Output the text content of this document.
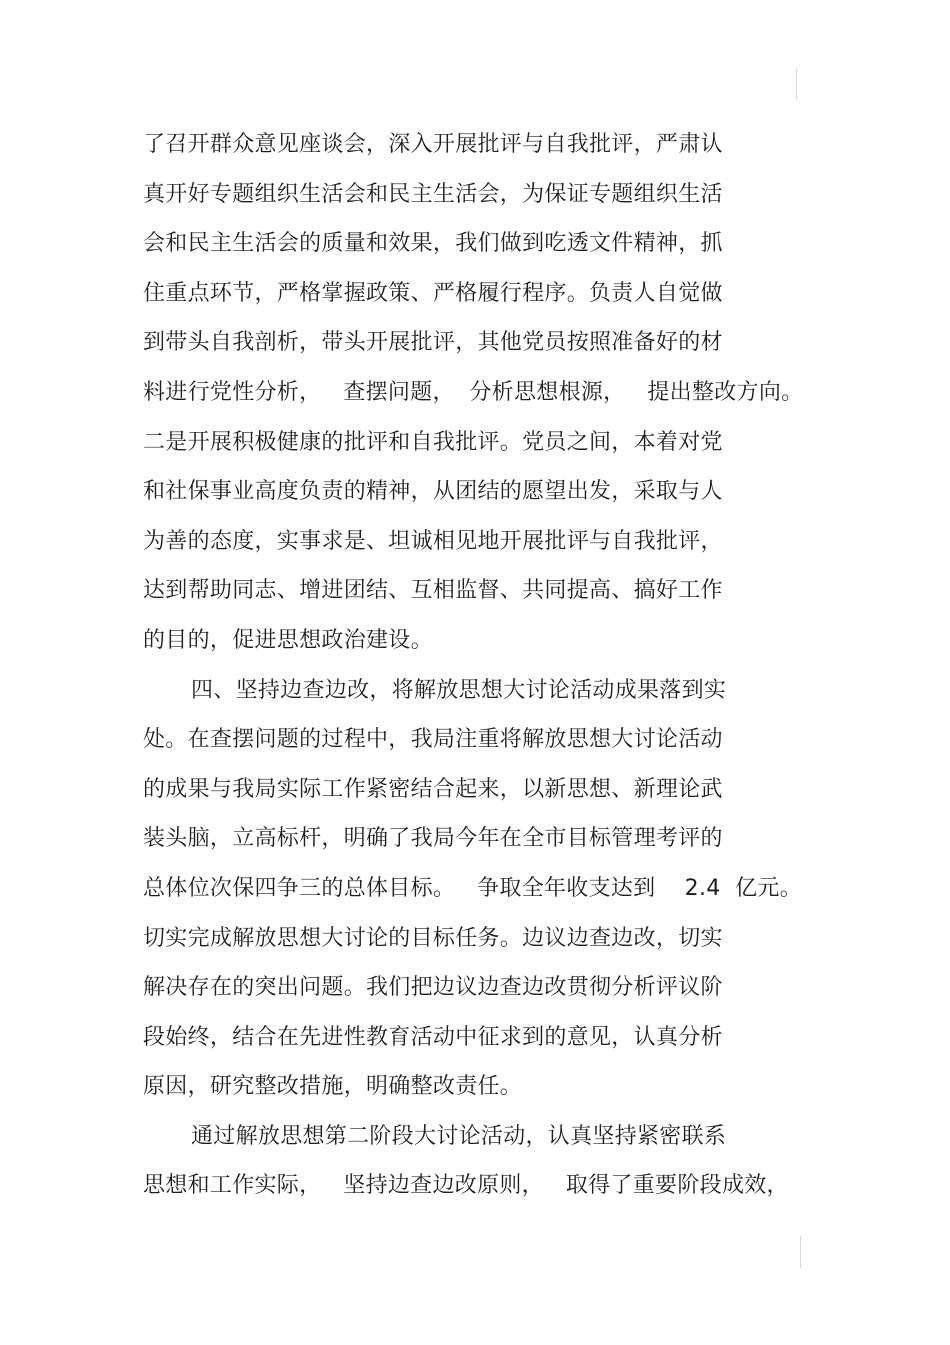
了召开群众意见座谈会，深入开展批评与自我批评，严肃认
真开好专题组织生活会和民主生活会，为保证专题组织生活
会和民主生活会的质量和效果，我们做到吃透文件精神，抓
住重点环节，严格掌握政策、严格履行程序。负责人自觉做
到带头自我剖析，带头开展批评，其他党员按照准备好的材
料进行党性分析，   查摆问题，  分析思想根源，   提出整改方向。
二是开展积极健康的批评和自我批评。党员之间，本着对党
和社保事业高度负责的精神，从团结的愿望出发，采取与人
为善的态度，实事求是、坦诚相见地开展批评与自我批评，
达到帮助同志、增进团结、互相监督、共同提高、搞好工作
的目的，促进思想政治建设。
四、坚持边查边改，将解放思想大讨论活动成果落到实
处。在查摆问题的过程中，我局注重将解放思想大讨论活动
的成果与我局实际工作紧密结合起来，以新思想、新理论武
装头脑，立高标杆，明确了我局今年在全市目标管理考评的
总体位次保四争三的总体目标。   争取全年收支达到    2.4  亿元。
切实完成解放思想大讨论的目标任务。边议边查边改，切实
解决存在的突出问题。我们把边议边查边改贯彻分析评议阶
段始终，结合在先进性教育活动中征求到的意见，认真分析
原因，研究整改措施，明确整改责任。
通过解放思想第二阶段大讨论活动，认真坚持紧密联系
思想和工作实际，   坚持边查边改原则，   取得了重要阶段成效，
